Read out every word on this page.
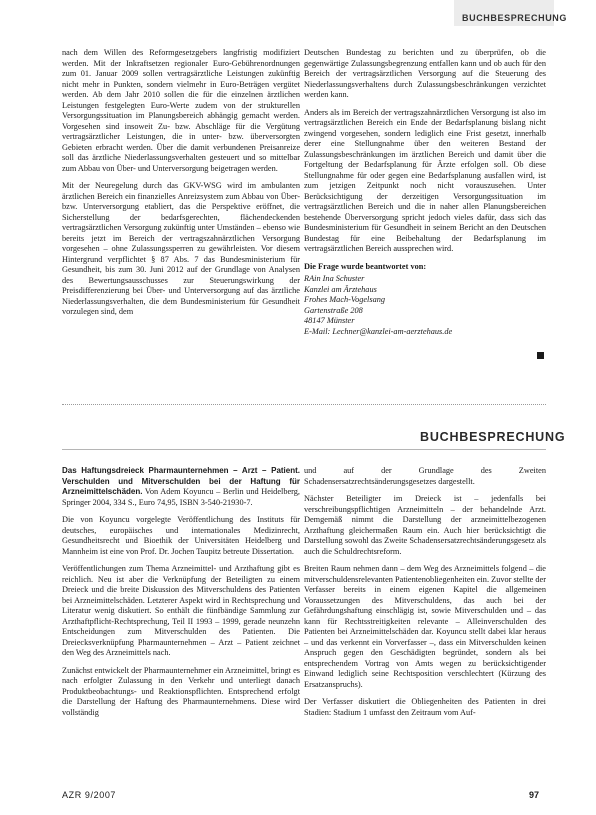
BUCHBESPRECHUNG

nach dem Willen des Reformgesetzgebers langfristig modifiziert werden. Mit der Inkraftsetzen regionaler Euro-Gebührenordnungen zum 01. Januar 2009 sollen vertragsärztliche Leistungen zukünftig nicht mehr in Punkten, sondern vielmehr in Euro-Beträgen vergütet werden. Ab dem Jahr 2010 sollen die für die einzelnen ärztlichen Leistungen festgelegten Euro-Werte zudem von der strukturellen Versorgungssituation im Planungsbereich abhängig gemacht werden. Vorgesehen sind insoweit Zu- bzw. Abschläge für die Vergütung vertragsärztlicher Leistungen, die in unter- bzw. überversorgten Gebieten erbracht werden. Über die damit verbundenen Preisanreize soll das ärztliche Niederlassungsverhalten gesteuert und so mittelbar zum Abbau von Über- und Unterversorgung beigetragen werden.

Mit der Neuregelung durch das GKV-WSG wird im ambulanten ärztlichen Bereich ein finanzielles Anreizsystem zum Abbau von Über- bzw. Unterversorgung etabliert, das die Perspektive eröffnet, die Sicherstellung der bedarfsgerechten, flächendeckenden vertragsärztlichen Versorgung zukünftig unter Umständen – ebenso wie bereits jetzt im Bereich der vertragszahnärztlichen Versorgung vorgesehen – ohne Zulassungssperren zu gewährleisten. Vor diesem Hintergrund verpflichtet § 87 Abs. 7 das Bundesministerium für Gesundheit, bis zum 30. Juni 2012 auf der Grundlage von Analysen des Bewertungsausschusses zur Steuerungswirkung der Preisdifferenzierung bei Über- und Unterversorgung auf das ärztliche Niederlassungsverhalten, die dem Bundesministerium für Gesundheit vorzulegen sind, dem

Deutschen Bundestag zu berichten und zu überprüfen, ob die gegenwärtige Zulassungsbegrenzung entfallen kann und ob auch für den Bereich der vertragsärztlichen Versorgung auf die Steuerung des Niederlassungsverhaltens durch Zulassungsbeschränkungen verzichtet werden kann.

Anders als im Bereich der vertragszahnärztlichen Versorgung ist also im vertragsärztlichen Bereich ein Ende der Bedarfsplanung bislang nicht zwingend vorgesehen, sondern lediglich eine Frist gesetzt, innerhalb derer eine Stellungnahme über den weiteren Bestand der Zulassungsbeschränkungen im ärztlichen Bereich und damit über die Fortgeltung der Bedarfsplanung für Ärzte erfolgen soll. Ob diese Stellungnahme für oder gegen eine Bedarfsplanung ausfallen wird, ist zum jetzigen Zeitpunkt noch nicht vorauszusehen. Unter Berücksichtigung der derzeitigen Versorgungssituation im vertragsärztlichen Bereich und die in naher allen Planungsbereichen bestehende Überversorgung spricht jedoch vieles dafür, dass sich das Bundesministerium für Gesundheit in seinem Bericht an den Deutschen Bundestag für eine Beibehaltung der Bedarfsplanung im vertragsärztlichen Bereich aussprechen wird.

Die Frage wurde beantwortet von:
RAin Ina Schuster
Kanzlei am Ärztehaus
Frohes Mach-Vogelsang
Gartenstraße 208
48147 Münster
E-Mail: Lechner@kanzlei-am-aerztehaus.de
BUCHBESPRECHUNG

Das Haftungsdreieck Pharmaunternehmen – Arzt – Patient. Verschulden und Mitverschulden bei der Haftung für Arzneimittelschäden. Von Adem Koyuncu – Berlin und Heidelberg, Springer 2004, 334 S., Euro 74,95, ISBN 3-540-21930-7.

Die von Koyuncu vorgelegte Veröffentlichung des Instituts für deutsches, europäisches und internationales Medizinrecht, Gesundheitsrecht und Bioethik der Universitäten Heidelberg und Mannheim ist eine von Prof. Dr. Jochen Taupitz betreute Dissertation.

Veröffentlichungen zum Thema Arzneimittel- und Arzthaftung gibt es reichlich. Neu ist aber die Verknüpfung der Beteiligten zu einem Dreieck und die breite Diskussion des Mitverschuldens des Patienten bei Arzneimittelschäden. Letzterer Aspekt wird in Rechtsprechung und Literatur wenig diskutiert. So enthält die fünfbändige Sammlung zur Arzthaftpflicht-Rechtsprechung, Teil II 1993 – 1999, gerade neunzehn Entscheidungen zum Mitverschulden des Patienten. Die Dreiecksverknüpfung Pharmaunternehmen – Arzt – Patient zeichnet den Weg des Arzneimittels nach.

Zunächst entwickelt der Pharmaunternehmer ein Arzneimittel, bringt es nach erfolgter Zulassung in den Verkehr und unterliegt danach Produktbeobachtungs- und Reaktionspflichten. Entsprechend erfolgt die Darstellung der Haftung des Pharmaunternehmens. Diese wird vollständig

und auf der Grundlage des Zweiten Schadensersatzrechtsänderungsgesetzes dargestellt.

Nächster Beteiligter im Dreieck ist – jedenfalls bei verschreibungspflichtigen Arzneimitteln – der behandelnde Arzt. Demgemäß nimmt die Darstellung der arzneimittelbezogenen Arzthaftung gleichermaßen Raum ein. Auch hier berücksichtigt die Darstellung sowohl das Zweite Schadensersatzrechtsänderungsgesetz als auch die Schuldrechtsreform.

Breiten Raum nehmen dann – dem Weg des Arzneimittels folgend – die mitverschuldensrelevanten Patientenobliegenheiten ein. Zuvor stellte der Verfasser bereits in einem eigenen Kapitel die allgemeinen Voraussetzungen des Mitverschuldens, das auch bei der Gefährdungshaftung einschlägig ist, sowie Mitverschulden und – das kann für Rechtsstreitigkeiten relevante – Alleinverschulden des Patienten bei Arzneimittelschäden dar. Koyuncu stellt dabei klar heraus – und das verkennt ein Vorverfasser –, dass ein Mitverschulden keinen Anspruch gegen den Geschädigten begründet, sondern als bei entsprechendem Vortrag von Amts wegen zu berücksichtigender Einwand lediglich seine Rechtsposition verschlechtert (Kürzung des Ersatzanspruchs).

Der Verfasser diskutiert die Obliegenheiten des Patienten in drei Stadien: Stadium 1 umfasst den Zeitraum vom Auf-

AZR 9/2007	97
